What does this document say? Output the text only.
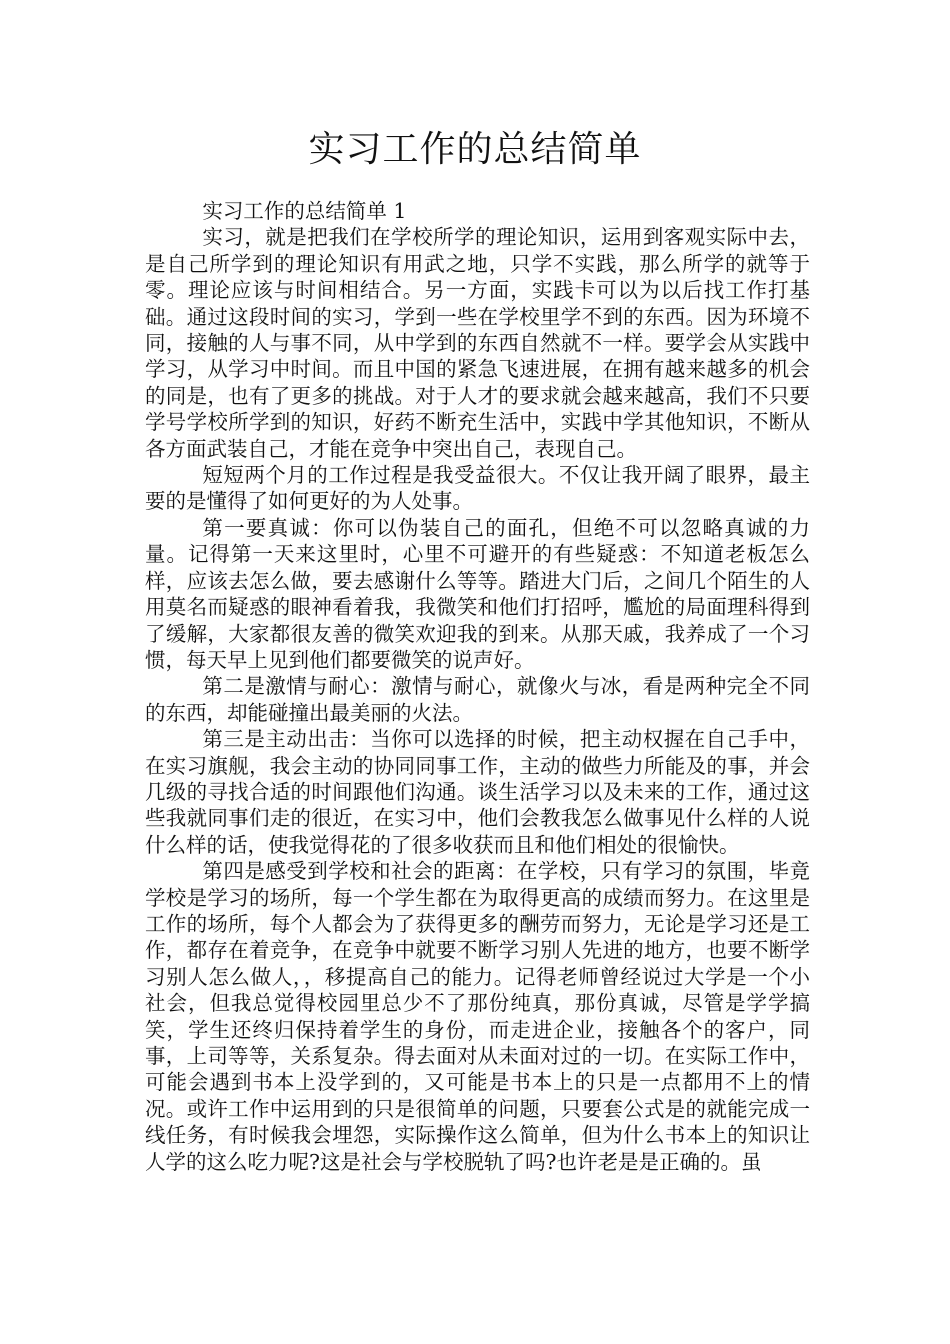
实习工作的总结简单

实习工作的总结简单 1

实习，就是把我们在学校所学的理论知识，运用到客观实际中去，是自己所学到的理论知识有用武之地，只学不实践，那么所学的就等于零。理论应该与时间相结合。另一方面，实践卡可以为以后找工作打基础。通过这段时间的实习，学到一些在学校里学不到的东西。因为环境不同，接触的人与事不同，从中学到的东西自然就不一样。要学会从实践中学习，从学习中时间。而且中国的紧急飞速进展，在拥有越来越多的机会的同是，也有了更多的挑战。对于人才的要求就会越来越高，我们不只要学号学校所学到的知识，好药不断充生活中，实践中学其他知识，不断从各方面武装自己，才能在竞争中突出自己，表现自己。

短短两个月的工作过程是我受益很大。不仅让我开阔了眼界，最主要的是懂得了如何更好的为人处事。

第一要真诚：你可以伪装自己的面孔，但绝不可以忽略真诚的力量。记得第一天来这里时，心里不可避开的有些疑惑：不知道老板怎么样，应该去怎么做，要去感谢什么等等。踏进大门后，之间几个陌生的人用莫名而疑惑的眼神看着我，我微笑和他们打招呼，尷尬的局面理科得到了缓解，大家都很友善的微笑欢迎我的到来。从那天戚，我养成了一个习惯，每天早上见到他们都要微笑的说声好。

第二是激情与耐心：激情与耐心，就像火与冰，看是两种完全不同的东西，却能碰撞出最美丽的火法。

第三是主动出击：当你可以选择的时候，把主动权握在自己手中，在实习旗舰，我会主动的协同同事工作，主动的做些力所能及的事，并会几级的寻找合适的时间跟他们沟通。谈生活学习以及未来的工作，通过这些我就同事们走的很近，在实习中，他们会教我怎么做事见什么样的人说什么样的话，使我觉得花的了很多收获而且和他们相处的很愉快。

第四是感受到学校和社会的距离：在学校，只有学习的氛围，毕竟学校是学习的场所，每一个学生都在为取得更高的成绩而努力。在这里是工作的场所，每个人都会为了获得更多的酬劳而努力，无论是学习还是工作，都存在着竞争，在竞争中就要不断学习别人先进的地方，也要不断学习别人怎么做人，，移提高自己的能力。记得老师曾经说过大学是一个小社会，但我总觉得校园里总少不了那份纯真，那份真诚，尽管是学学搞笑，学生还终归保持着学生的身份，而走进企业，接触各个的客户，同事，上司等等，关系复杂。得去面对从未面对过的一切。在实际工作中，可能会遇到书本上没学到的，又可能是书本上的只是一点都用不上的情况。或许工作中运用到的只是很简单的问题，只要套公式是的就能完成一线任务，有时候我会埋怨，实际操作这么简单，但为什么书本上的知识让人学的这么吃力呢?这是社会与学校脱轨了吗?也许老是是正确的。虽
